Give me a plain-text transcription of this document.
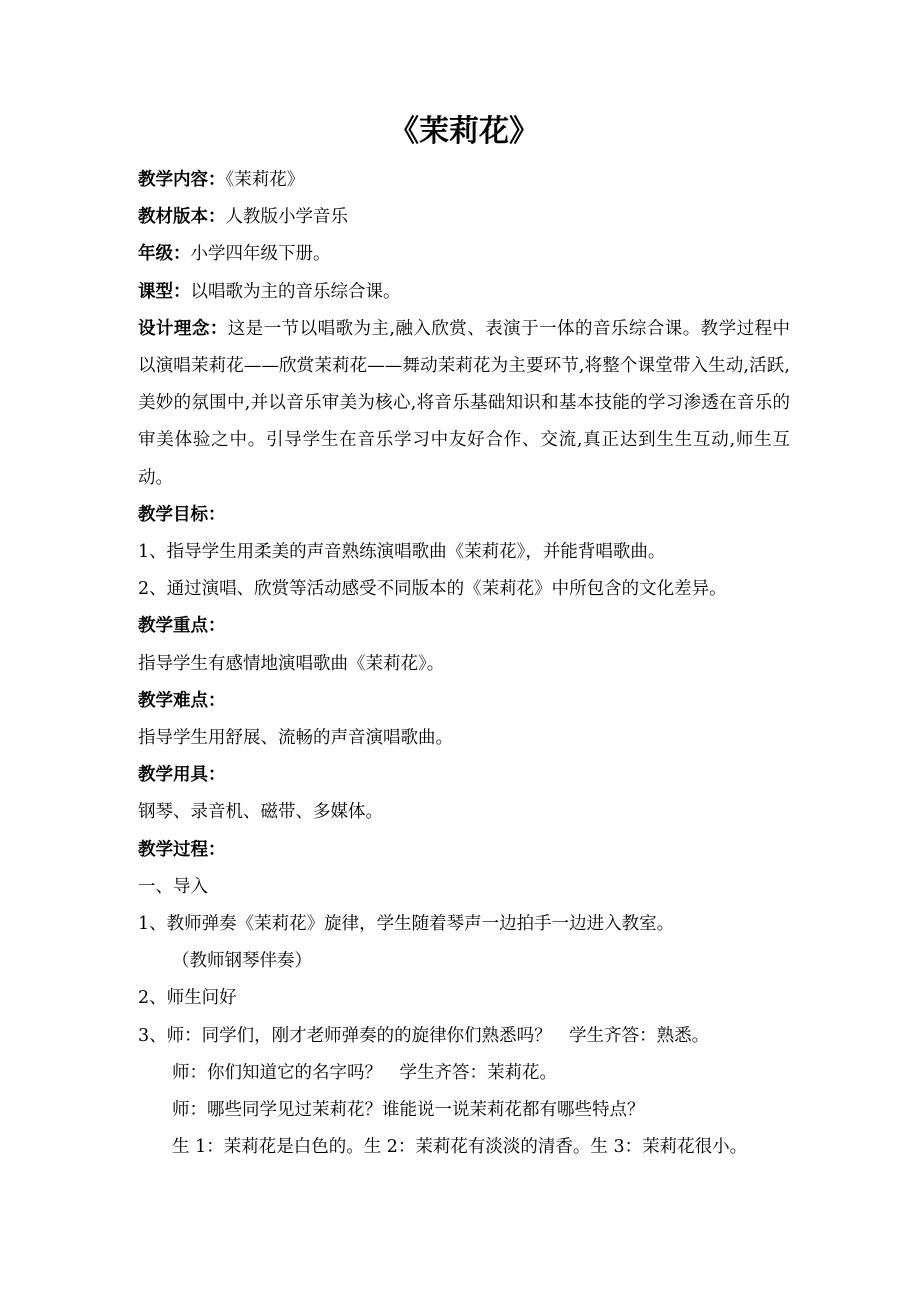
《茉莉花》
教学内容：《茉莉花》
教材版本：人教版小学音乐
年级：小学四年级下册。
课型：以唱歌为主的音乐综合课。
设计理念：这是一节以唱歌为主,融入欣赏、表演于一体的音乐综合课。教学过程中以演唱茉莉花——欣赏茉莉花——舞动茉莉花为主要环节,将整个课堂带入生动,活跃,美妙的氛围中,并以音乐审美为核心,将音乐基础知识和基本技能的学习渗透在音乐的审美体验之中。引导学生在音乐学习中友好合作、交流,真正达到生生互动,师生互动。
教学目标：
1、指导学生用柔美的声音熟练演唱歌曲《茉莉花》，并能背唱歌曲。
2、通过演唱、欣赏等活动感受不同版本的《茉莉花》中所包含的文化差异。
教学重点：
指导学生有感情地演唱歌曲《茉莉花》。
教学难点：
指导学生用舒展、流畅的声音演唱歌曲。
教学用具：
钢琴、录音机、磁带、多媒体。
教学过程：
一、导入
1、教师弹奏《茉莉花》旋律，学生随着琴声一边拍手一边进入教室。
（教师钢琴伴奏）
2、师生问好
3、师：同学们，刚才老师弹奏的的旋律你们熟悉吗？　学生齐答：熟悉。
师：你们知道它的名字吗？　学生齐答：茉莉花。
师：哪些同学见过茉莉花？谁能说一说茉莉花都有哪些特点？
生 1：茉莉花是白色的。生 2：茉莉花有淡淡的清香。生 3：茉莉花很小。
